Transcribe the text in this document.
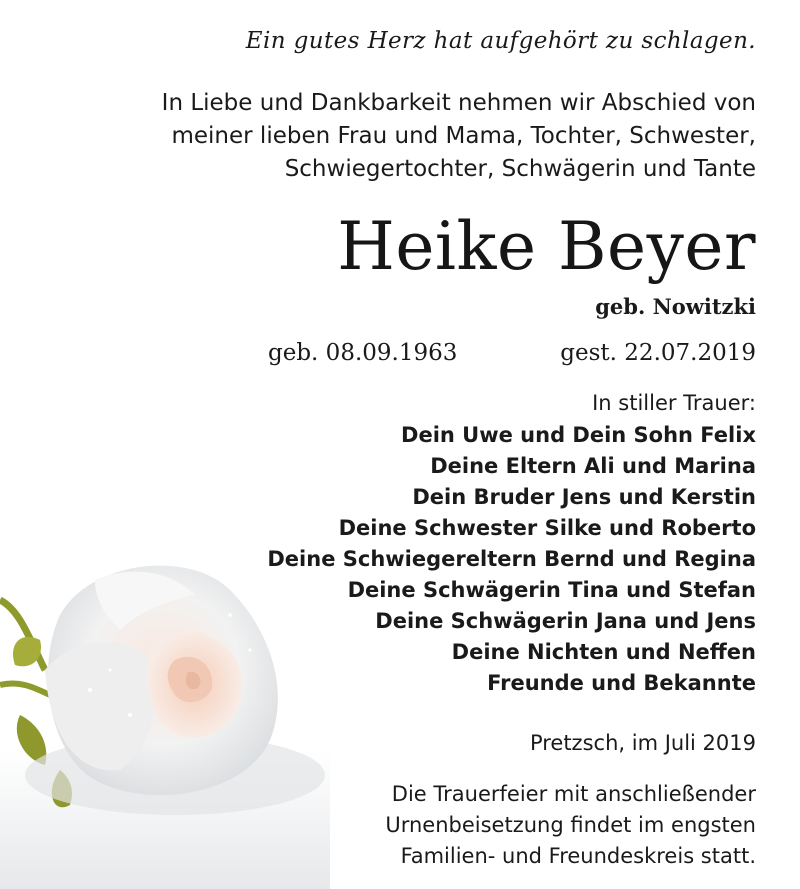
Ein gutes Herz hat aufgehört zu schlagen.
In Liebe und Dankbarkeit nehmen wir Abschied von
meiner lieben Frau und Mama, Tochter, Schwester,
Schwiegertochter, Schwägerin und Tante
Heike Beyer
geb. Nowitzki
geb. 08.09.1963	gest. 22.07.2019
In stiller Trauer:
Dein Uwe und Dein Sohn Felix
Deine Eltern Ali und Marina
Dein Bruder Jens und Kerstin
Deine Schwester Silke und Roberto
Deine Schwiegereltern Bernd und Regina
Deine Schwägerin Tina und Stefan
Deine Schwägerin Jana und Jens
Deine Nichten und Neffen
Freunde und Bekannte
Pretzsch, im Juli 2019
Die Trauerfeier mit anschließender
Urnenbeisetzung findet im engsten
Familien- und Freundeskreis statt.
